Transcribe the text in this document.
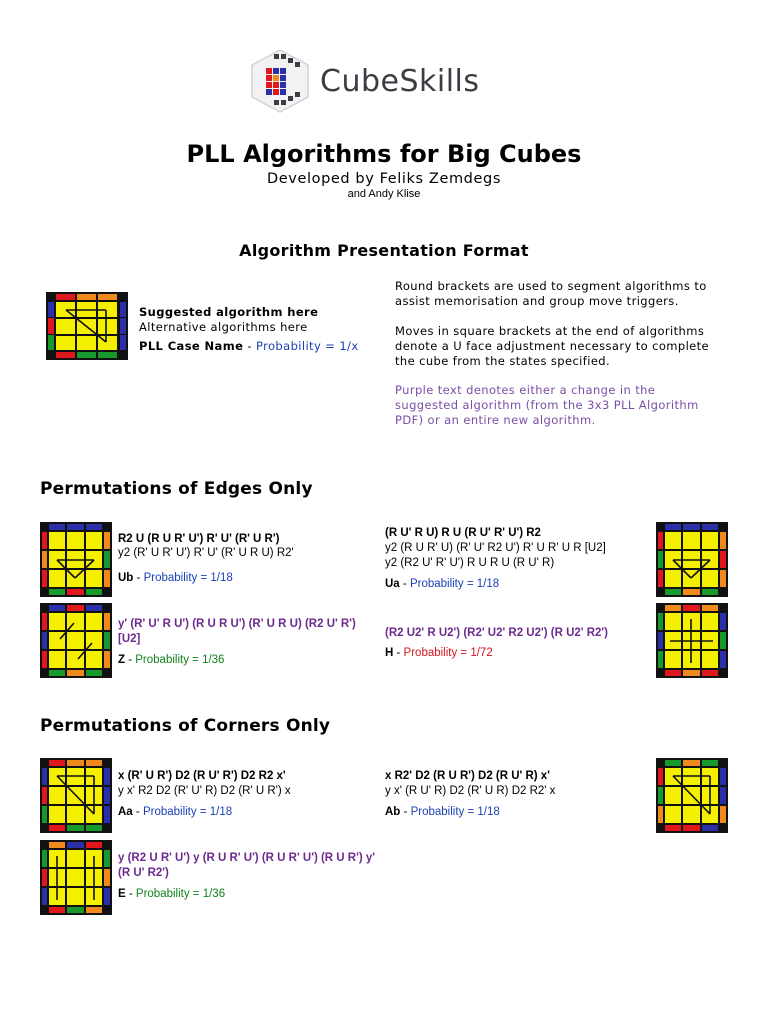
CubeSkills
PLL Algorithms for Big Cubes
Developed by Feliks Zemdegs
and Andy Klise
Algorithm Presentation Format
Suggested algorithm here
Alternative algorithms here
PLL Case Name - Probability = 1/x
Round brackets are used to segment algorithms to
assist memorisation and group move triggers.
Moves in square brackets at the end of algorithms
denote a U face adjustment necessary to complete
the cube from the states specified.
Purple text denotes either a change in the
suggested algorithm (from the 3x3 PLL Algorithm
PDF) or an entire new algorithm.
Permutations of Edges Only
R2 U (R U R' U') R' U' (R' U R')
y2 (R' U R' U') R' U' (R' U R U) R2'
Ub - Probability = 1/18
(R U' R U) R U (R U' R' U') R2
y2 (R U R' U) (R' U' R2 U') R' U R' U R [U2]
y2 (R2 U' R' U') R U R U (R U' R)
Ua - Probability = 1/18
y' (R' U' R U') (R U R U') (R' U R U) (R2 U' R')
[U2]
Z - Probability = 1/36
(R2 U2' R U2') (R2' U2' R2 U2') (R U2' R2')
H - Probability = 1/72
Permutations of Corners Only
x (R' U R') D2 (R U' R') D2 R2 x'
y x' R2 D2 (R' U' R) D2 (R' U R') x
Aa - Probability = 1/18
x R2' D2 (R U R') D2 (R U' R) x'
y x' (R U' R) D2 (R' U R) D2 R2' x
Ab - Probability = 1/18
y (R2 U R' U') y (R U R' U') (R U R' U') (R U R') y'
(R U' R2')
E - Probability = 1/36
